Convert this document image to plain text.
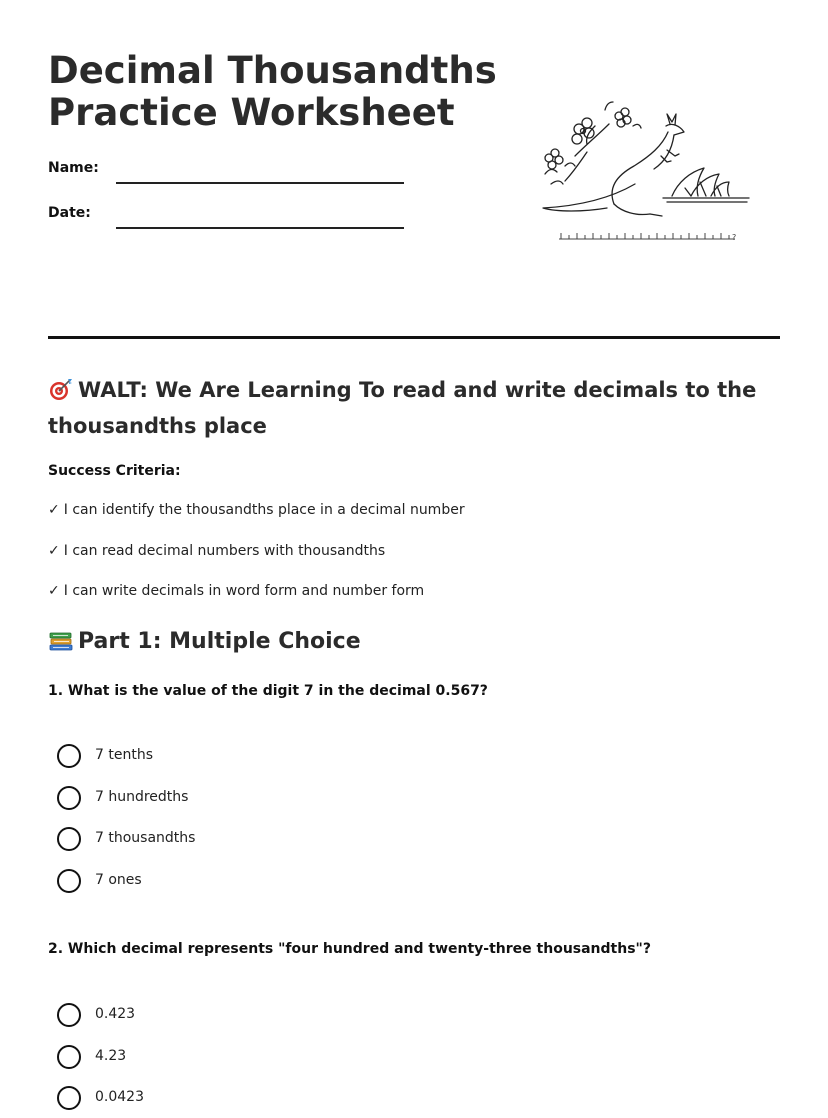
Decimal Thousandths
Practice Worksheet
Name:
Date:
?
WALT: We Are Learning To read and write decimals to the thousandths place
Success Criteria:
✓ I can identify the thousandths place in a decimal number
✓ I can read decimal numbers with thousandths
✓ I can write decimals in word form and number form
Part 1: Multiple Choice
1. What is the value of the digit 7 in the decimal 0.567?
7 tenths
7 hundredths
7 thousandths
7 ones
2. Which decimal represents "four hundred and twenty-three thousandths"?
0.423
4.23
0.0423
